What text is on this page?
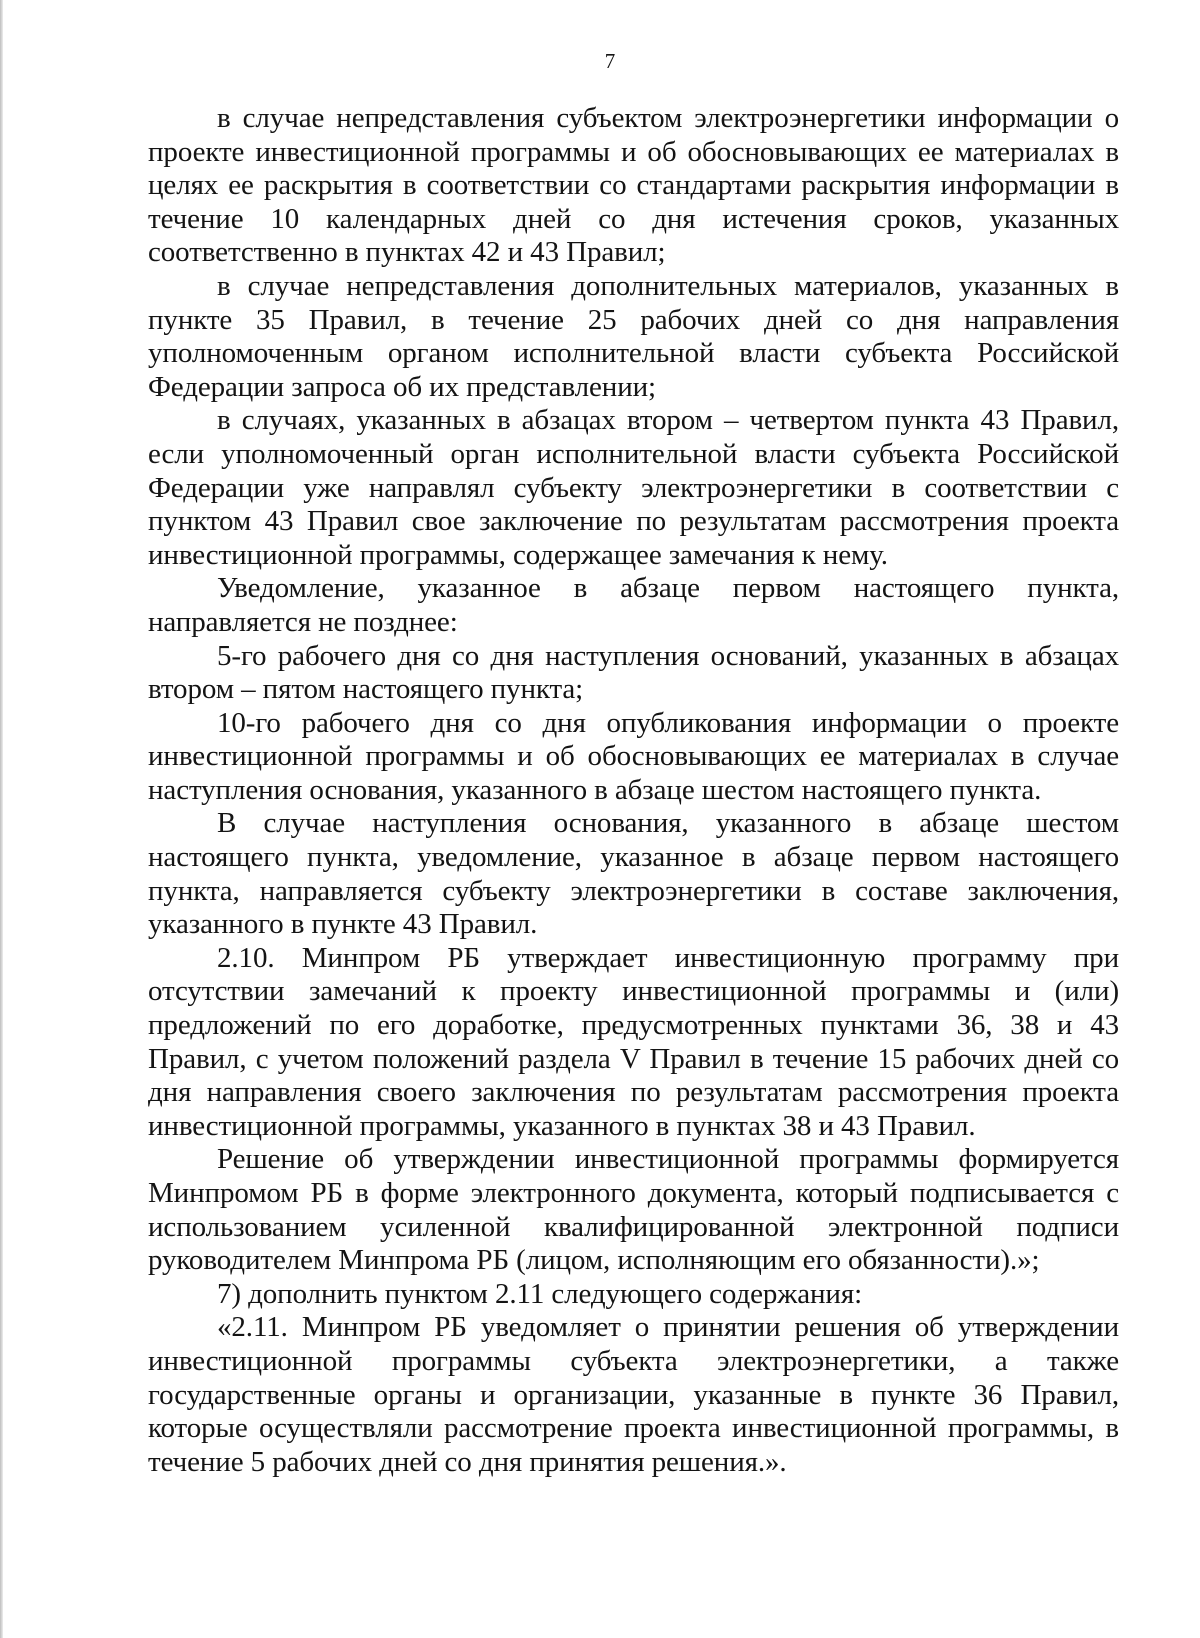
7

в случае непредставления субъектом электроэнергетики информации о проекте инвестиционной программы и об обосновывающих ее материалах в целях ее раскрытия в соответствии со стандартами раскрытия информации в течение 10 календарных дней со дня истечения сроков, указанных соответственно в пунктах 42 и 43 Правил;

в случае непредставления дополнительных материалов, указанных в пункте 35 Правил, в течение 25 рабочих дней со дня направления уполномоченным органом исполнительной власти субъекта Российской Федерации запроса об их представлении;

в случаях, указанных в абзацах втором – четвертом пункта 43 Правил, если уполномоченный орган исполнительной власти субъекта Российской Федерации уже направлял субъекту электроэнергетики в соответствии с пунктом 43 Правил свое заключение по результатам рассмотрения проекта инвестиционной программы, содержащее замечания к нему.

Уведомление, указанное в абзаце первом настоящего пункта, направляется не позднее:

5-го рабочего дня со дня наступления оснований, указанных в абзацах втором – пятом настоящего пункта;

10-го рабочего дня со дня опубликования информации о проекте инвестиционной программы и об обосновывающих ее материалах в случае наступления основания, указанного в абзаце шестом настоящего пункта.

В случае наступления основания, указанного в абзаце шестом настоящего пункта, уведомление, указанное в абзаце первом настоящего пункта, направляется субъекту электроэнергетики в составе заключения, указанного в пункте 43 Правил.

2.10. Минпром РБ утверждает инвестиционную программу при отсутствии замечаний к проекту инвестиционной программы и (или) предложений по его доработке, предусмотренных пунктами 36, 38 и 43 Правил, с учетом положений раздела V Правил в течение 15 рабочих дней со дня направления своего заключения по результатам рассмотрения проекта инвестиционной программы, указанного в пунктах 38 и 43 Правил.

Решение об утверждении инвестиционной программы формируется Минпромом РБ в форме электронного документа, который подписывается с использованием усиленной квалифицированной электронной подписи руководителем Минпрома РБ (лицом, исполняющим его обязанности).»;

7) дополнить пунктом 2.11 следующего содержания:

«2.11. Минпром РБ уведомляет о принятии решения об утверждении инвестиционной программы субъекта электроэнергетики, а также государственные органы и организации, указанные в пункте 36 Правил, которые осуществляли рассмотрение проекта инвестиционной программы, в течение 5 рабочих дней со дня принятия решения.».
